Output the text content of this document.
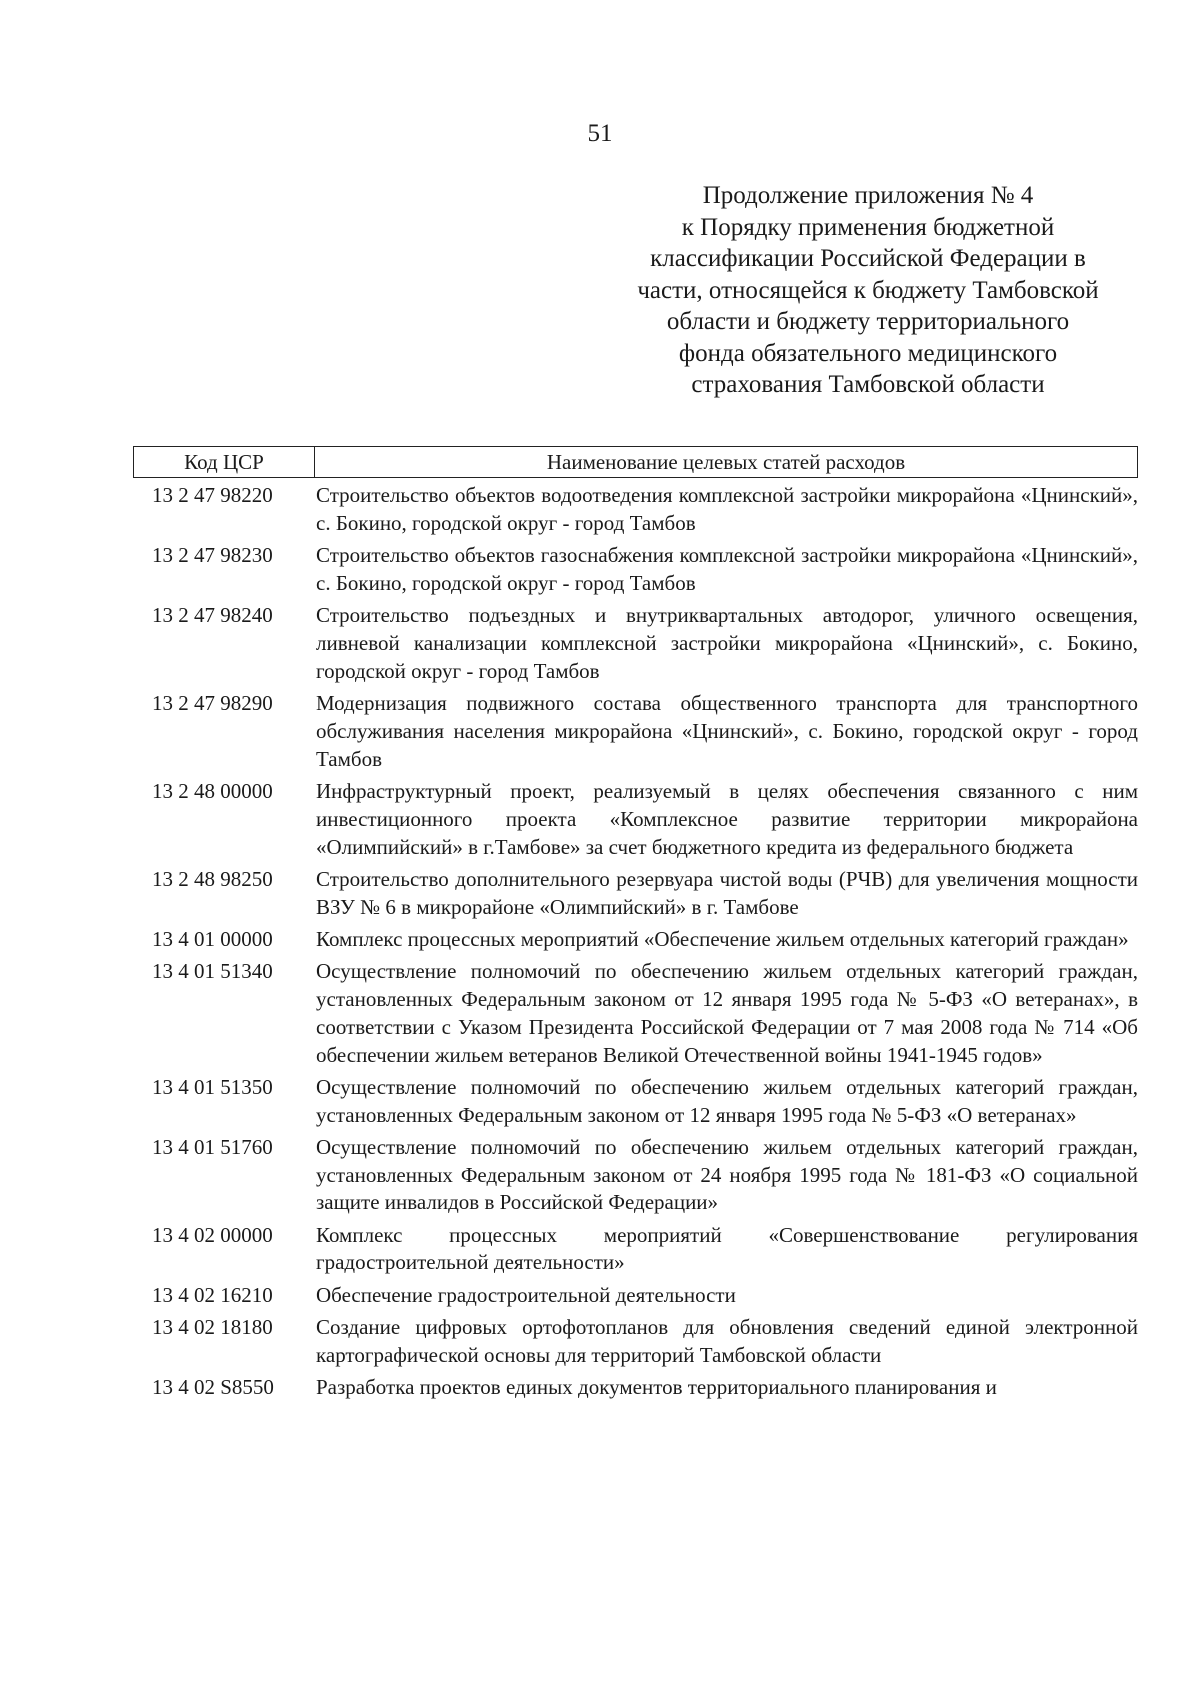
51
Продолжение приложения № 4
к Порядку применения бюджетной
классификации Российской Федерации в
части, относящейся к бюджету Тамбовской
области и бюджету территориального
фонда обязательного медицинского
страхования Тамбовской области
Код ЦСР	Наименование целевых статей расходов
13 2 47 98220	Строительство объектов водоотведения комплексной застройки микрорайона «Цнинский», с. Бокино, городской округ - город Тамбов
13 2 47 98230	Строительство объектов газоснабжения комплексной застройки микрорайона «Цнинский», с. Бокино, городской округ - город Тамбов
13 2 47 98240	Строительство подъездных и внутриквартальных автодорог, уличного освещения, ливневой канализации комплексной застройки микрорайона «Цнинский», с. Бокино, городской округ - город Тамбов
13 2 47 98290	Модернизация подвижного состава общественного транспорта для транспортного обслуживания населения микрорайона «Цнинский», с. Бокино, городской округ - город Тамбов
13 2 48 00000	Инфраструктурный проект, реализуемый в целях обеспечения связанного с ним инвестиционного проекта «Комплексное развитие территории микрорайона «Олимпийский» в г.Тамбове» за счет бюджетного кредита из федерального бюджета
13 2 48 98250	Строительство дополнительного резервуара чистой воды (РЧВ) для увеличения мощности ВЗУ № 6 в микрорайоне «Олимпийский» в г. Тамбове
13 4 01 00000	Комплекс процессных мероприятий «Обеспечение жильем отдельных категорий граждан»
13 4 01 51340	Осуществление полномочий по обеспечению жильем отдельных категорий граждан, установленных Федеральным законом от 12 января 1995 года № 5-ФЗ «О ветеранах», в соответствии с Указом Президента Российской Федерации от 7 мая 2008 года № 714 «Об обеспечении жильем ветеранов Великой Отечественной войны 1941-1945 годов»
13 4 01 51350	Осуществление полномочий по обеспечению жильем отдельных категорий граждан, установленных Федеральным законом от 12 января 1995 года № 5-ФЗ «О ветеранах»
13 4 01 51760	Осуществление полномочий по обеспечению жильем отдельных категорий граждан, установленных Федеральным законом от 24 ноября 1995 года № 181-ФЗ «О социальной защите инвалидов в Российской Федерации»
13 4 02 00000	Комплекс процессных мероприятий «Совершенствование регулирования градостроительной деятельности»
13 4 02 16210	Обеспечение градостроительной деятельности
13 4 02 18180	Создание цифровых ортофотопланов для обновления сведений единой электронной картографической основы для территорий Тамбовской области
13 4 02 S8550	Разработка проектов единых документов территориального планирования и
